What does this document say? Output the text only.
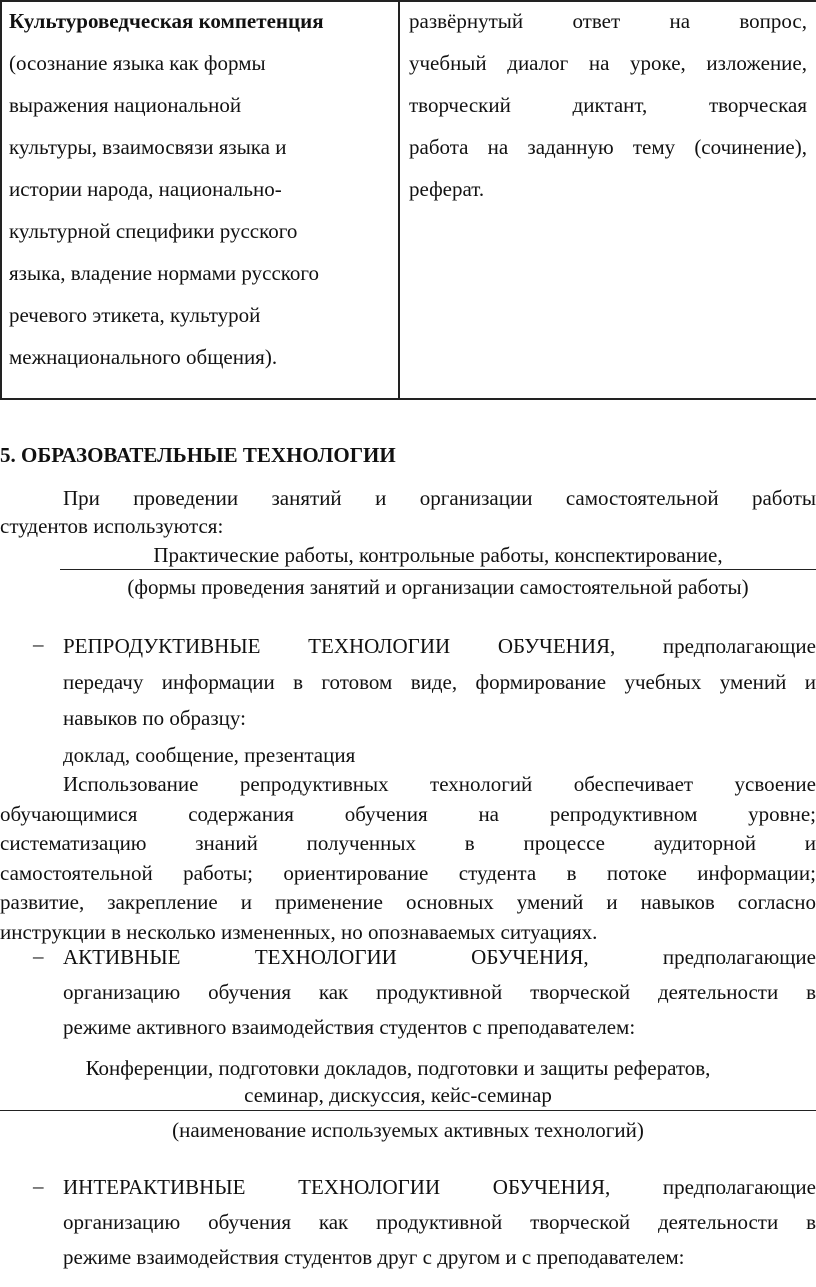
Культуроведческая компетенция
(осознание языка как формы
выражения национальной
культуры, взаимосвязи языка и
истории народа, национально-
культурной специфики русского
языка, владение нормами русского
речевого этикета, культурой
межнационального общения).
развёрнутый ответ на вопрос,
учебный диалог на уроке, изложение,
творческий диктант, творческая
работа на заданную тему (сочинение),
реферат.
5. ОБРАЗОВАТЕЛЬНЫЕ ТЕХНОЛОГИИ
При проведении занятий и организации самостоятельной работы
студентов используются:
Практические работы, контрольные работы, конспектирование,
(формы проведения занятий и организации самостоятельной работы)
– РЕПРОДУКТИВНЫЕ ТЕХНОЛОГИИ ОБУЧЕНИЯ, предполагающие
передачу информации в готовом виде, формирование учебных умений и
навыков по образцу:
доклад, сообщение, презентация
Использование репродуктивных технологий обеспечивает усвоение
обучающимися содержания обучения на репродуктивном уровне;
систематизацию знаний полученных в процессе аудиторной и
самостоятельной работы; ориентирование студента в потоке информации;
развитие, закрепление и применение основных умений и навыков согласно
инструкции в несколько измененных, но опознаваемых ситуациях.
– АКТИВНЫЕ ТЕХНОЛОГИИ ОБУЧЕНИЯ, предполагающие
организацию обучения как продуктивной творческой деятельности в
режиме активного взаимодействия студентов с преподавателем:
Конференции, подготовки докладов, подготовки и защиты рефератов,
семинар, дискуссия, кейс-семинар
(наименование используемых активных технологий)
– ИНТЕРАКТИВНЫЕ ТЕХНОЛОГИИ ОБУЧЕНИЯ, предполагающие
организацию обучения как продуктивной творческой деятельности в
режиме взаимодействия студентов друг с другом и с преподавателем:
